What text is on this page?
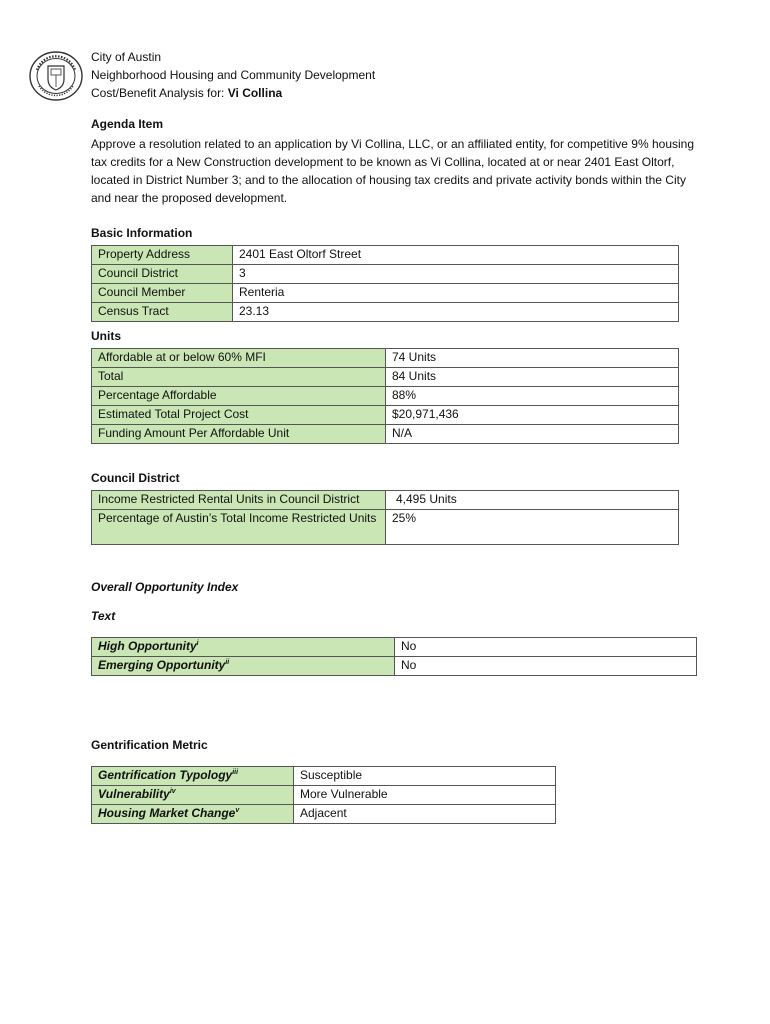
City of Austin
Neighborhood Housing and Community Development
Cost/Benefit Analysis for: Vi Collina
Agenda Item
Approve a resolution related to an application by Vi Collina, LLC, or an affiliated entity, for competitive 9% housing tax credits for a New Construction development to be known as Vi Collina, located at or near 2401 East Oltorf, located in District Number 3; and to the allocation of housing tax credits and private activity bonds within the City and near the proposed development.
Basic Information
Property Address	2401 East Oltorf Street
Council District	3
Council Member	Renteria
Census Tract	23.13
Units
Affordable at or below 60% MFI	74 Units
Total	84 Units
Percentage Affordable	88%
Estimated Total Project Cost	$20,971,436
Funding Amount Per Affordable Unit	N/A
Council District
Income Restricted Rental Units in Council District	4,495 Units
Percentage of Austin’s Total Income Restricted Units	25%
Overall Opportunity Index
Text
High Opportunity$^i$	No
Emerging Opportunity$^{ii}$	No
Gentrification Metric
Gentrification Typology$^{iii}$	Susceptible
Vulnerability$^{iv}$	More Vulnerable
Housing Market Change$^v$	Adjacent
